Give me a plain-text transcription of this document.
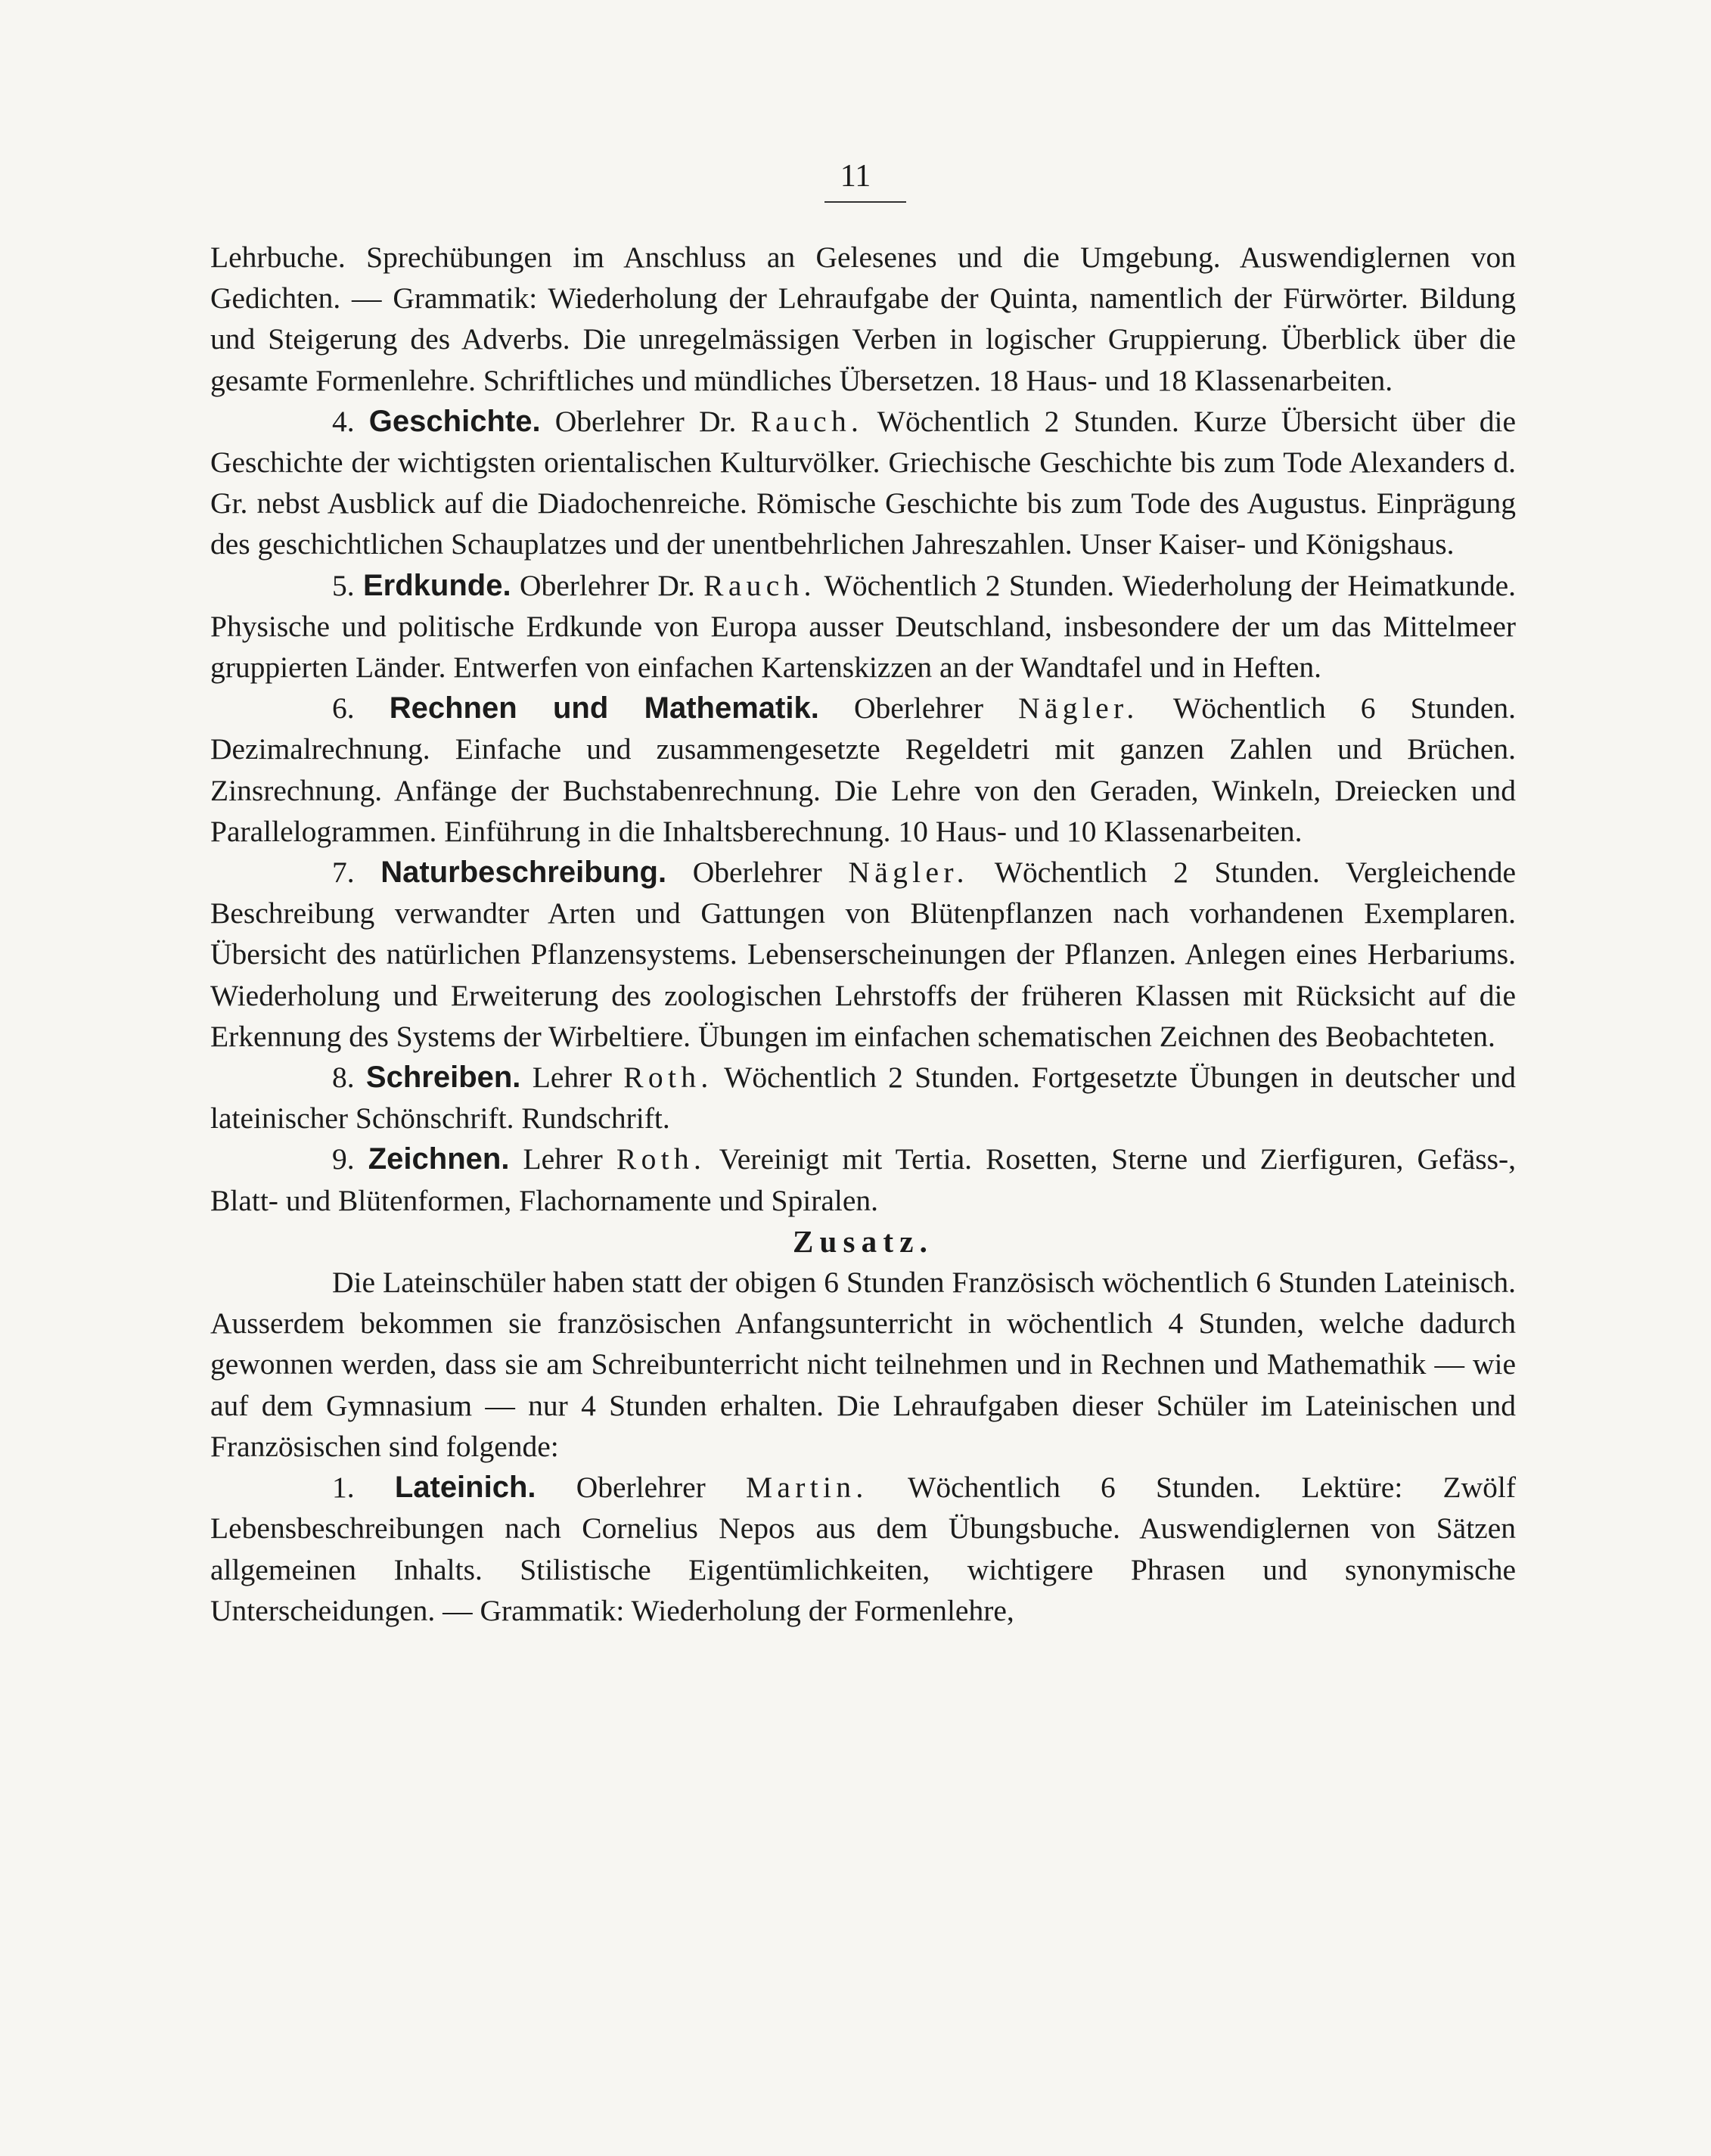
11

Lehrbuche. Sprechübungen im Anschluss an Gelesenes und die Umgebung. Auswendiglernen von Gedichten. — Grammatik: Wiederholung der Lehraufgabe der Quinta, namentlich der Fürwörter. Bildung und Steigerung des Adverbs. Die unregelmässigen Verben in logischer Gruppierung. Überblick über die gesamte Formenlehre. Schriftliches und mündliches Übersetzen. 18 Haus- und 18 Klassenarbeiten.

4. Geschichte. Oberlehrer Dr. Rauch. Wöchentlich 2 Stunden. Kurze Übersicht über die Geschichte der wichtigsten orientalischen Kulturvölker. Griechische Geschichte bis zum Tode Alexanders d. Gr. nebst Ausblick auf die Diadochenreiche. Römische Geschichte bis zum Tode des Augustus. Einprägung des geschichtlichen Schauplatzes und der unentbehrlichen Jahreszahlen. Unser Kaiser- und Königshaus.

5. Erdkunde. Oberlehrer Dr. Rauch. Wöchentlich 2 Stunden. Wiederholung der Heimatkunde. Physische und politische Erdkunde von Europa ausser Deutschland, insbesondere der um das Mittelmeer gruppierten Länder. Entwerfen von einfachen Kartenskizzen an der Wandtafel und in Heften.

6. Rechnen und Mathematik. Oberlehrer Nägler. Wöchentlich 6 Stunden. Dezimalrechnung. Einfache und zusammengesetzte Regeldetri mit ganzen Zahlen und Brüchen. Zinsrechnung. Anfänge der Buchstabenrechnung. Die Lehre von den Geraden, Winkeln, Dreiecken und Parallelogrammen. Einführung in die Inhaltsberechnung. 10 Haus- und 10 Klassenarbeiten.

7. Naturbeschreibung. Oberlehrer Nägler. Wöchentlich 2 Stunden. Vergleichende Beschreibung verwandter Arten und Gattungen von Blütenpflanzen nach vorhandenen Exemplaren. Übersicht des natürlichen Pflanzensystems. Lebenserscheinungen der Pflanzen. Anlegen eines Herbariums. Wiederholung und Erweiterung des zoologischen Lehrstoffs der früheren Klassen mit Rücksicht auf die Erkennung des Systems der Wirbeltiere. Übungen im einfachen schematischen Zeichnen des Beobachteten.

8. Schreiben. Lehrer Roth. Wöchentlich 2 Stunden. Fortgesetzte Übungen in deutscher und lateinischer Schönschrift. Rundschrift.

9. Zeichnen. Lehrer Roth. Vereinigt mit Tertia. Rosetten, Sterne und Zierfiguren, Gefäss-, Blatt- und Blütenformen, Flachornamente und Spiralen.

Zusatz.

Die Lateinschüler haben statt der obigen 6 Stunden Französisch wöchentlich 6 Stunden Lateinisch. Ausserdem bekommen sie französischen Anfangsunterricht in wöchentlich 4 Stunden, welche dadurch gewonnen werden, dass sie am Schreibunterricht nicht teilnehmen und in Rechnen und Mathemathik — wie auf dem Gymnasium — nur 4 Stunden erhalten. Die Lehraufgaben dieser Schüler im Lateinischen und Französischen sind folgende:

1. Lateinich. Oberlehrer Martin. Wöchentlich 6 Stunden. Lektüre: Zwölf Lebensbeschreibungen nach Cornelius Nepos aus dem Übungsbuche. Auswendiglernen von Sätzen allgemeinen Inhalts. Stilistische Eigentümlichkeiten, wichtigere Phrasen und synonymische Unterscheidungen. — Grammatik: Wiederholung der Formenlehre,
